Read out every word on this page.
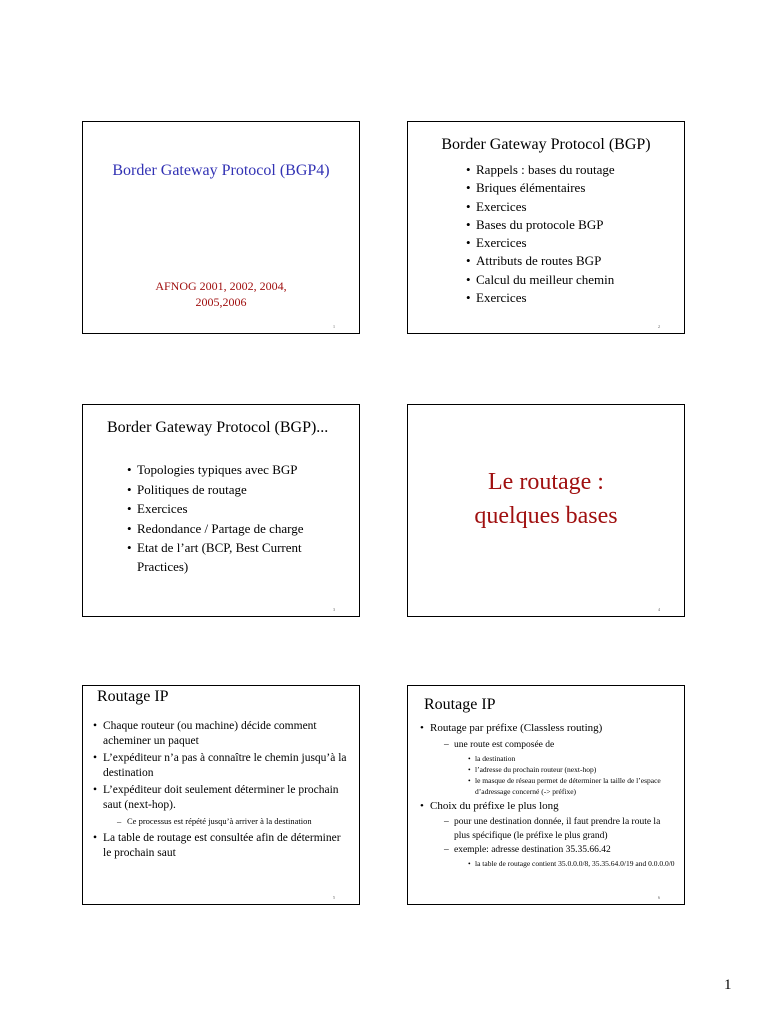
Border Gateway Protocol (BGP4)
AFNOG 2001, 2002, 2004,
2005,2006
1
Border Gateway Protocol (BGP)
• Rappels : bases du routage
• Briques élémentaires
• Exercices
• Bases du protocole BGP
• Exercices
• Attributs de routes BGP
• Calcul du meilleur chemin
• Exercices
2
Border Gateway Protocol (BGP)...
• Topologies typiques avec BGP
• Politiques de routage
• Exercices
• Redondance / Partage de charge
• Etat de l’art (BCP, Best Current Practices)
3
Le routage :
quelques bases
4
Routage IP
• Chaque routeur (ou machine) décide comment acheminer un paquet
• L’expéditeur n’a pas à connaître le chemin jusqu’à la destination
• L’expéditeur doit seulement déterminer le prochain saut (next-hop).
– Ce processus est répété jusqu’à arriver à la destination
• La table de routage est consultée afin de déterminer le prochain saut
5
Routage IP
• Routage par préfixe (Classless routing)
– une route est composée de
• la destination
• l’adresse du prochain routeur (next-hop)
• le masque de réseau permet de déterminer la taille de l’espace d’adressage concerné (-> préfixe)
• Choix du préfixe le plus long
– pour une destination donnée, il faut prendre la route la plus spécifique (le préfixe le plus grand)
– exemple: adresse destination 35.35.66.42
• la table de routage contient 35.0.0.0/8, 35.35.64.0/19 and 0.0.0.0/0
6
1
